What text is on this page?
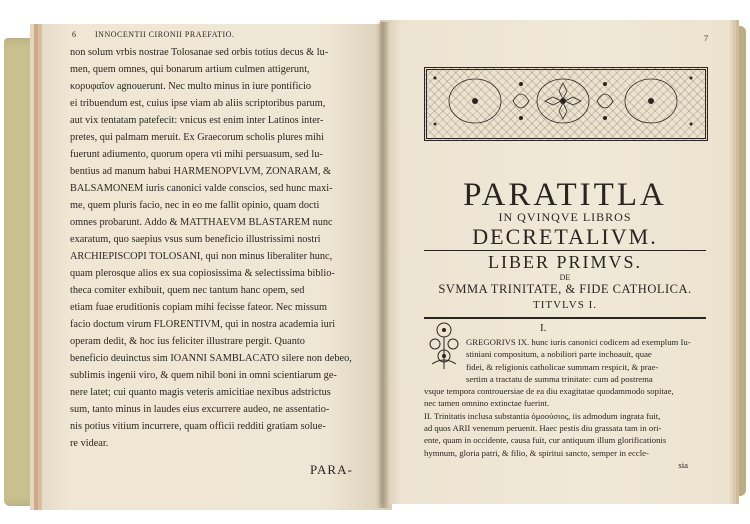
6 INNOCENTII CIRONII PRAEFATIO.
non solum vrbis nostrae Tolosanae sed orbis totius decus & lu-
men, quem omnes, qui bonarum artium culmen attigerunt,
κορυφαῖον agnouerunt. Nec multo minus in iure pontificio
ei tribuendum est, cuius ipse viam ab aliis scriptoribus parum,
aut vix tentatam patefecit: vnicus est enim inter Latinos inter-
pretes, qui palmam meruit. Ex Graecorum scholis plures mihi
fuerunt adiumento, quorum opera vti mihi persuasum, sed lu-
bentius ad manum habui HARMENOPVLVM, ZONARAM, &
BALSAMONEM iuris canonici valde conscios, sed hunc maxi-
me, quem pluris facio, nec in eo me fallit opinio, quam docti
omnes probarunt. Addo & MATTHAEVM BLASTAREM nunc
exaratum, quo saepius vsus sum beneficio illustrissimi nostri
ARCHIEPISCOPI TOLOSANI, qui non minus liberaliter hunc,
quam plerosque alios ex sua copiosissima & selectissima biblio-
theca comiter exhibuit, quem nec tantum hanc opem, sed
etiam fuae eruditionis copiam mihi fecisse fateor. Nec missum
facio doctum virum FLORENTIVM, qui in nostra academia iuri
operam dedit, & hoc ius feliciter illustrare pergit. Quanto
beneficio deuinctus sim IOANNI SAMBLACATO silere non debeo,
sublimis ingenii viro, & quem nihil boni in omni scientiarum ge-
nere latet; cui quanto magis veteris amicitiae nexibus adstrictus
sum, tanto minus in laudes eius excurrere audeo, ne assentatio-
nis potius vitium incurrere, quam officii redditi gratiam solue-
re videar.
PARA-
7
PARATITLA
IN QVINQVE LIBROS
DECRETALIVM.
LIBER PRIMVS.
DE
SVMMA TRINITATE, & FIDE CATHOLICA.
TITVLVS I.
I.
GREGORIVS IX. hunc iuris canonici codicem ad exemplum Iu-
stiniani compositum, a nobiliori parte inchoauit, quae
fidei, & religionis catholicae summam respicit, & prae-
sertim a tractatu de summa trinitate: cum ad postrema
vsque tempora controuersiae de ea diu exagitatae quodammodo sopitae,
nec tamen omnino extinctae fuerint.
II. Trinitatis inclusa substantia ὁμοούσιος, iis admodum ingrata fuit,
ad quos ARII venenum peruenit. Haec pestis diu grassata tam in ori-
ente, quam in occidente, causa fuit, cur antiquum illum glorificationis
hymnum, gloria patri, & filio, & spiritui sancto, semper in eccle-
sia
